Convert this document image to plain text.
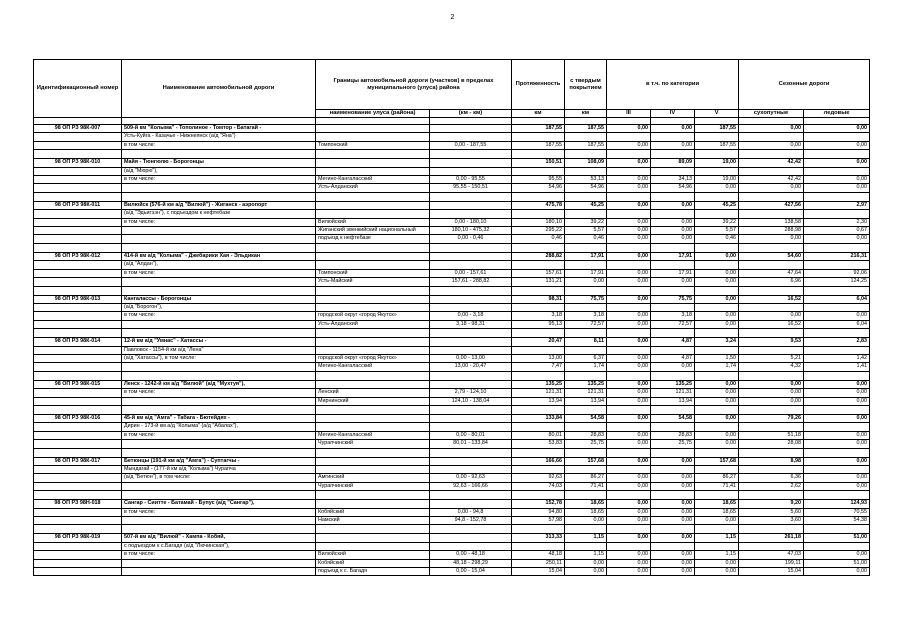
2
Идентификационный номер	Наименование автомобильной дороги	Границы автомобильной дороги (участков) в пределах муниципального (улуса) района		Протяженность	с твердым покрытием	в т.ч. по категории			Сезонные дороги	
		наименование улуса (района)	(км - км)	км	км	III	IV	V	сухопутные	ледовые

98 ОП РЗ 98К-007	509-й км "Колыма" - Тополиное - Томтор - Батагай -			187,55	187,55	0,00	0,00	187,55	0,00	0,00
	Усть-Куйга - Казачье - Нижнеянск (а/д "Яна")									
	в том числе:	Томпонский	0,00 - 187,55	187,55	187,55	0,00	0,00	187,55	0,00	0,00

98 ОП РЗ 98К-010	Майя - Тюнгюлю - Борогонцы			150,51	108,09	0,00	89,09	19,00	42,42	0,00
	(а/д "Мюрю"),									
	в том числе:	Мегино-Кангаласский	0,00 - 95,55	95,55	53,13	0,00	34,13	19,00	42,42	0,00
		Усть-Алданский	95,55 - 150,51	54,96	54,96	0,00	54,96	0,00	0,00	0,00

98 ОП РЗ 98К-011	Вилюйск (576-й км а/д "Вилюй") - Жиганск - аэропорт			475,78	45,25	0,00	0,00	45,25	427,56	2,97
	(а/д "Эдьигээн"), с подъездом к нефтебазе									
	в том числе:	Вилюйский	0,00 - 180,10	180,10	39,22	0,00	0,00	39,22	138,58	2,30
		Жиганский эвенкийский национальный	180,10 - 475,32	295,22	5,57	0,00	0,00	5,57	288,98	0,67
		подъезд к нефтебазе	0,00 - 0,46	0,46	0,46	0,00	0,00	0,46	0,00	0,00

98 ОП РЗ 98К-012	414-й км а/д "Колыма" - Джебарики Хая - Эльдикан			288,82	17,91	0,00	17,91	0,00	54,60	216,31
	(а/д "Алдан"),									
	в том числе:	Томпонский	0,00 - 157,61	157,61	17,91	0,00	17,91	0,00	47,64	92,06
		Усть-Майский	157,61 - 288,82	131,21	0,00	0,00	0,00	0,00	6,96	124,25

98 ОП РЗ 98К-013	Кангалассы - Борогонцы			98,31	75,75	0,00	75,75	0,00	16,52	6,04
	(а/д "Борогон"),									
	в том числе:	городской округ «город Якутск»	0,00 - 3,18	3,18	3,18	0,00	3,18	0,00	0,00	0,00
		Усть-Алданский	3,18 - 98,31	95,13	72,57	0,00	72,57	0,00	16,52	6,04

98 ОП РЗ 98К-014	12-й км а/д "Умнас" - Хатассы -			20,47	8,11	0,00	4,87	3,24	9,53	2,83
	Павловск - 1154-й км а/д "Лена"									
	(а/д "Хатассы"), в том числе:	городской округ «город Якутск»	0,00 - 13,00	13,00	6,37	0,00	4,87	1,50	5,21	1,42
		Мегино-Кангаласский	13,00 - 20,47	7,47	1,74	0,00	0,00	1,74	4,32	1,41

98 ОП РЗ 98К-015	Ленск - 1242-й км а/д "Вилюй" (а/д "Мухтуя"),			135,25	135,25	0,00	135,25	0,00	0,00	0,00
	в том числе:	Ленский	2,79 - 124,10	121,31	121,31	0,00	121,31	0,00	0,00	0,00
		Мирнинский	124,10 - 138,04	13,94	13,94	0,00	13,94	0,00	0,00	0,00

98 ОП РЗ 98К-016	45-й км а/д "Амга" - Табага - Бютейдях -			133,84	54,58	0,00	54,58	0,00	79,26	0,00
	Дирин - 173-й км а/д "Колыма" (а/д "Абалах"),									
	в том числе:	Мегино-Кангаласский	0,00 - 80,01	80,01	28,83	0,00	28,83	0,00	51,18	0,00
		Чурапчинский	80,01 - 133,84	53,83	25,75	0,00	25,75	0,00	28,08	0,00

98 ОП РЗ 98К-017	Бетюнцы (191-й км а/д "Амга") - Суптагчы -			166,66	157,68	0,00	0,00	157,68	8,98	0,00
	Мындагай - (177-й км а/д "Колыма") Чурапча									
	(а/д "Бетюн"), в том числе:	Амгинский	0,00 - 92,63	92,63	86,27	0,00	0,00	86,27	6,36	0,00
		Чурапчинский	92,63 - 166,66	74,03	71,41	0,00	0,00	71,41	2,62	0,00

98 ОП РЗ 98Н-018	Сангар - Сиитте - Батамай - Бупус (а/д "Сангар"),			152,78	18,65	0,00	0,00	18,65	9,20	124,93
	в том числе:	Кобяйский	0,00 - 94,8	94,80	18,65	0,00	0,00	18,65	5,60	70,55
		Намский	94,8 - 152,78	57,98	0,00	0,00	0,00	0,00	3,60	54,38

98 ОП РЗ 98К-019	507-й км а/д "Вилюй" - Хампа - Кобяй,			313,33	1,15	0,00	0,00	1,15	261,18	51,00
	с подъездом к с.Багадя (а/д "Лючинская"),									
	в том числе:	Вилюйский	0,00 - 48,18	48,18	1,15	0,00	0,00	1,15	47,03	0,00
		Кобяйский	48,18 - 298,29	250,11	0,00	0,00	0,00	0,00	199,11	51,00
		подъезд к с. Багадя	0,00 - 15,04	15,04	0,00	0,00	0,00	0,00	15,04	0,00
